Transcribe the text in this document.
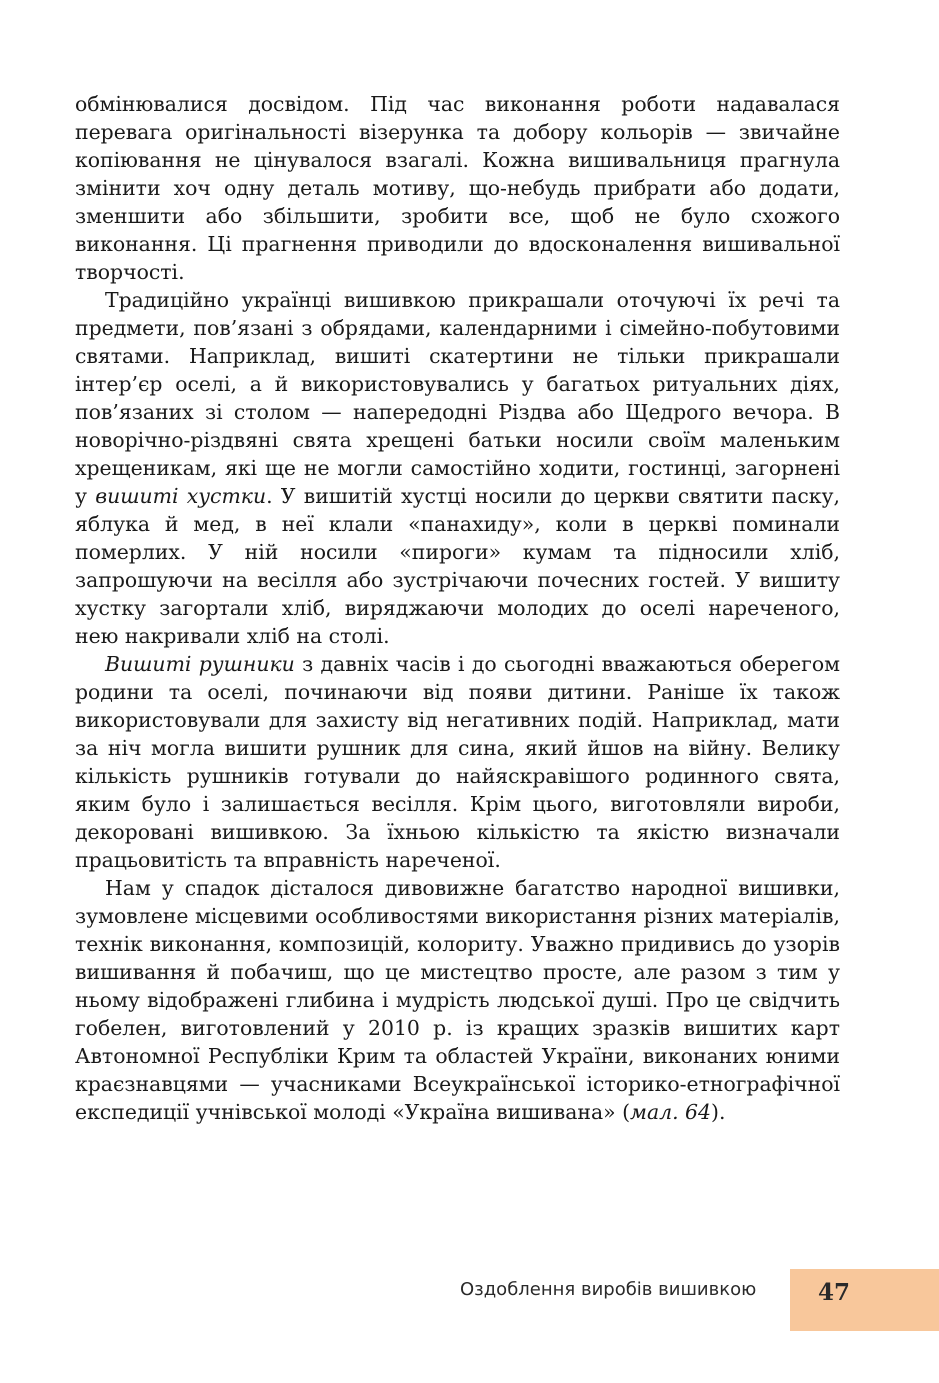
обмінювалися досвідом. Під час виконання роботи надавалася перевага оригінальності візерунка та добору кольорів — звичайне копіювання не цінувалося взагалі. Кожна вишивальниця прагнула змінити хоч одну деталь мотиву, що-небудь прибрати або додати, зменшити або збільшити, зробити все, щоб не було схожого виконання. Ці прагнення приводили до вдосконалення вишивальної творчості.

Традиційно українці вишивкою прикрашали оточуючі їх речі та предмети, пов’язані з обрядами, календарними і сімейно-побутовими святами. Наприклад, вишиті скатертини не тільки прикрашали інтер’єр оселі, а й використовувались у багатьох ритуальних діях, пов’язаних зі столом — напередодні Різдва або Щедрого вечора. В новорічно-різдвяні свята хрещені батьки носили своїм маленьким хрещеникам, які ще не могли самостійно ходити, гостинці, загорнені у вишиті хустки. У вишитій хустці носили до церкви святити паску, яблука й мед, в неї клали «панахиду», коли в церкві поминали померлих. У ній носили «пироги» кумам та підносили хліб, запрошуючи на весілля або зустрічаючи почесних гостей. У вишиту хустку загортали хліб, виряджаючи молодих до оселі нареченого, нею накривали хліб на столі.

Вишиті рушники з давніх часів і до сьогодні вважаються оберегом родини та оселі, починаючи від появи дитини. Раніше їх також використовували для захисту від негативних подій. Наприклад, мати за ніч могла вишити рушник для сина, який йшов на війну. Велику кількість рушників готували до найяскравішого родинного свята, яким було і залишається весілля. Крім цього, виготовляли вироби, декоровані вишивкою. За їхньою кількістю та якістю визначали працьовитість та вправність нареченої.

Нам у спадок дісталося дивовижне багатство народної вишивки, зумовлене місцевими особливостями використання різних матеріалів, технік виконання, композицій, колориту. Уважно придивись до узорів вишивання й побачиш, що це мистецтво просте, але разом з тим у ньому відображені глибина і мудрість людської душі. Про це свідчить гобелен, виготовлений у 2010 р. із кращих зразків вишитих карт Автономної Республіки Крим та областей України, виконаних юними краєзнавцями — учасниками Всеукраїнської історико-етнографічної експедиції учнівської молоді «Україна вишивана» (мал. 64).

Оздоблення виробів вишивкою	47
